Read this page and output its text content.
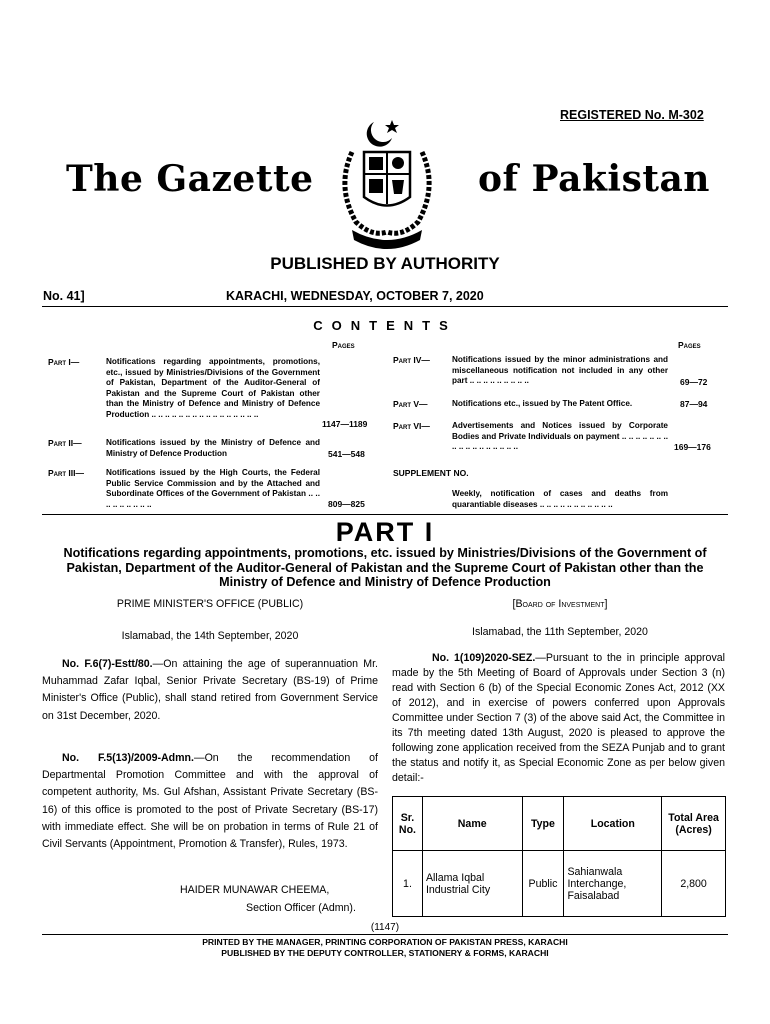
REGISTERED No. M-302
The Gazette	of Pakistan
PUBLISHED BY AUTHORITY
No. 41]	KARACHI, WEDNESDAY, OCTOBER 7, 2020
CONTENTS
Pages	Pages
Part I—	Notifications regarding appointments, promotions, etc., issued by Ministries/Divisions of the Government of Pakistan, Department of the Auditor-General of Pakistan and the Supreme Court of Pakistan other than the Ministry of Defence and Ministry of Defence Production .. .. .. .. .. .. .. .. .. .. .. .. .. .. .. ..
1147—1189
Part II—	Notifications issued by the Ministry of Defence and Ministry of Defence Production	541—548
Part III—	Notifications issued by the High Courts, the Federal Public Service Commission and by the Attached and Subordinate Offices of the Government of Pakistan .. .. .. .. .. .. .. .. ..	809—825
Part IV—	Notifications issued by the minor administrations and miscellaneous notification not included in any other part .. .. .. .. .. .. .. .. ..	69—72
Part V—	Notifications etc., issued by The Patent Office.	87—94
Part VI—	Advertisements and Notices issued by Corporate Bodies and Private Individuals on payment .. .. .. .. .. .. .. .. .. .. .. .. .. .. .. .. ..	169—176
SUPPLEMENT NO.
Weekly, notification of cases and deaths from quarantiable diseases .. .. .. .. .. .. .. .. .. .. ..
PART I
Notifications regarding appointments, promotions, etc. issued by Ministries/Divisions of the Government of Pakistan, Department of the Auditor-General of Pakistan and the Supreme Court of Pakistan other than the Ministry of Defence and Ministry of Defence Production
PRIME MINISTER'S OFFICE (PUBLIC)
Islamabad, the 14th September, 2020
No. F.6(7)-Estt/80.—On attaining the age of superannuation Mr. Muhammad Zafar Iqbal, Senior Private Secretary (BS-19) of Prime Minister's Office (Public), shall stand retired from Government Service on 31st December, 2020.
No. F.5(13)/2009-Admn.—On the recommendation of Departmental Promotion Committee and with the approval of competent authority, Ms. Gul Afshan, Assistant Private Secretary (BS-16) of this office is promoted to the post of Private Secretary (BS-17) with immediate effect. She will be on probation in terms of Rule 21 of Civil Servants (Appointment, Promotion & Transfer), Rules, 1973.
HAIDER MUNAWAR CHEEMA,
Section Officer (Admn).
[Board of Investment]
Islamabad, the 11th September, 2020
No. 1(109)2020-SEZ.—Pursuant to the in principle approval made by the 5th Meeting of Board of Approvals under Section 3 (n) read with Section 6 (b) of the Special Economic Zones Act, 2012 (XX of 2012), and in exercise of powers conferred upon Approvals Committee under Section 7 (3) of the above said Act, the Committee in its 7th meeting dated 13th August, 2020 is pleased to approve the following zone application received from the SEZA Punjab and to grant the status and notify it, as Special Economic Zone as per below given detail:-
Sr. No.	Name	Type	Location	Total Area (Acres)
1.	Allama Iqbal Industrial City	Public	Sahianwala Interchange, Faisalabad	2,800
(1147)
PRINTED BY THE MANAGER, PRINTING CORPORATION OF PAKISTAN PRESS, KARACHI
PUBLISHED BY THE DEPUTY CONTROLLER, STATIONERY & FORMS, KARACHI
